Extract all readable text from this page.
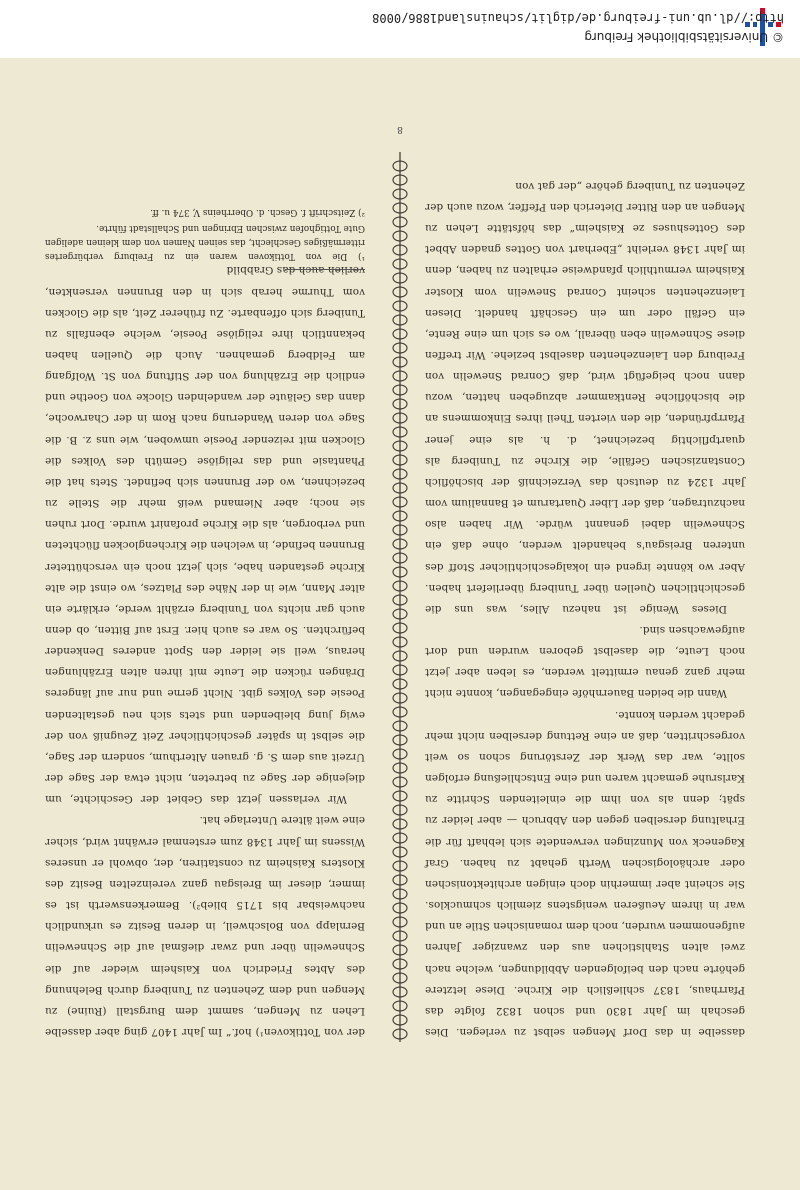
http://dl.ub.uni-freiburg.de/diglit/schauinsland1886/0008
© Universitätsbibliothek Freiburg
8

dasselbe in das Dorf Mengen selbst zu verlegen. Dies geschah im Jahr 1830 und schon 1832 folgte das Pfarrhaus, 1837 schließlich die Kirche. Diese letztere gehörte nach den beifolgenden Abbildungen, welche nach zwei alten Stahlstichen aus den zwanziger Jahren aufgenommen wurden, noch dem romanischen Stile an und war in ihrem Aeußeren wenigstens ziemlich schmucklos. Sie scheint aber immerhin doch einigen architektonischen oder archäologischen Werth gehabt zu haben. Graf Kageneck von Munzingen verwendete sich lebhaft für die Erhaltung derselben gegen den Abbruch — aber leider zu spät; denn als von ihm die einleitenden Schritte zu Karlsruhe gemacht waren und eine Entschließung erfolgen sollte, war das Werk der Zerstörung schon so weit vorgeschritten, daß an eine Rettung derselben nicht mehr gedacht werden konnte.

Wann die beiden Bauernhöfe eingegangen, konnte nicht mehr ganz genau ermittelt werden, es leben aber jetzt noch Leute, die daselbst geboren wurden und dort aufgewachsen sind.

Dieses Wenige ist nahezu Alles, was uns die geschichtlichen Quellen über Tuniberg überliefert haben. Aber wo könnte irgend ein lokalgeschichtlicher Stoff des unteren Breisgau's behandelt werden, ohne daß ein Schnewelin dabei genannt würde. Wir haben also nachzutragen, daß der Liber Quartarum et Bannalium vom Jahr 1324 zu deutsch das Verzeichniß der bischöflich Constanzischen Gefälle, die Kirche zu Tuniberg als quartpflichtig bezeichnet, d. h. als eine jener Pfarrpfründen, die den vierten Theil ihres Einkommens an die bischöfliche Rentkammer abzugeben hatten, wozu dann noch beigefügt wird, daß Conrad Snewelin von Freiburg den Laienzehenten daselbst beziehe. Wir treffen diese Schnewelin eben überall, wo es sich um eine Rente, ein Gefäll oder um ein Geschäft handelt. Diesen Laienzehenten scheint Conrad Snewelin vom Kloster Kaisheim vermuthlich pfandweise erhalten zu haben, denn im Jahr 1348 verleiht „Eberhart von Gottes gnaden Abbet des Gotteshuses ze Kaisheim“ das höfstätte Lehen zu Mengen an den Ritter Dieterich den Pfeffer, wozu auch der Zehenten zu Tuniberg gehöre „der gat von

der von Tottikoven¹) hof.“ Im Jahr 1407 ging aber dasselbe Lehen zu Mengen, sammt dem Burgstall (Ruine) zu Mengen und dem Zehenten zu Tuniberg durch Belehnung des Abtes Friedrich von Kaisheim wieder auf die Schnewelin über und zwar dießmal auf die Schnewelin Bernlapp von Bolschweil, in deren Besitz es urkundlich nachweisbar bis 1715 blieb²). Bemerkenswerth ist es immer, dieser im Breisgau ganz vereinzelten Besitz des Klosters Kaisheim zu constatiren, der, obwohl er unseres Wissens im Jahr 1348 zum erstenmal erwähnt wird, sicher eine weit ältere Unterlage hat.

Wir verlassen jetzt das Gebiet der Geschichte, um diejenige der Sage zu betreten, nicht etwa der Sage der Urzeit aus dem S. g. grauen Alterthum, sondern der Sage, die selbst in später geschichtlicher Zeit Zeugniß von der ewig jung bleibenden und stets sich neu gestaltenden Poesie des Volkes gibt. Nicht gerne und nur auf längeres Drängen rücken die Leute mit ihren alten Erzählungen heraus, weil sie leider den Spott anderes Denkender befürchten. So war es auch hier. Erst auf Bitten, ob denn auch gar nichts von Tuniberg erzählt werde, erklärte ein alter Mann, wie in der Nähe des Platzes, wo einst die alte Kirche gestanden habe, sich jetzt noch ein verschütteter Brunnen befinde, in welchen die Kirchenglocken flüchteten und verborgen, als die Kirche profanirt wurde. Dort ruhen sie noch; aber Niemand weiß mehr die Stelle zu bezeichnen, wo der Brunnen sich befindet. Stets hat die Phantasie und das religiöse Gemüth des Volkes die Glocken mit reizender Poesie umwoben, wie uns z. B. die Sage von deren Wanderung nach Rom in der Charwoche, dann das Geläute der wandelnden Glocke von Goethe und endlich die Erzählung von der Stiftung von St. Wolfgang am Feldberg gemahnen. Auch die Quellen haben bekanntlich ihre religiöse Poesie, welche ebenfalls zu Tuniberg sich offenbarte. Zu früherer Zeit, als die Glocken vom Thurme herab sich in den Brunnen versenkten, verlieh auch das Grabbild

¹) Die von Tottikoven waren ein zu Freiburg verbürgertes rittermäßiges Geschlecht, das seinen Namen von dem kleinen adeligen Gute Tottighofen zwischen Ebringen und Schallstadt führte.

²) Zeitschrift f. Gesch. d. Oberrheins V, 374 u. ff.
